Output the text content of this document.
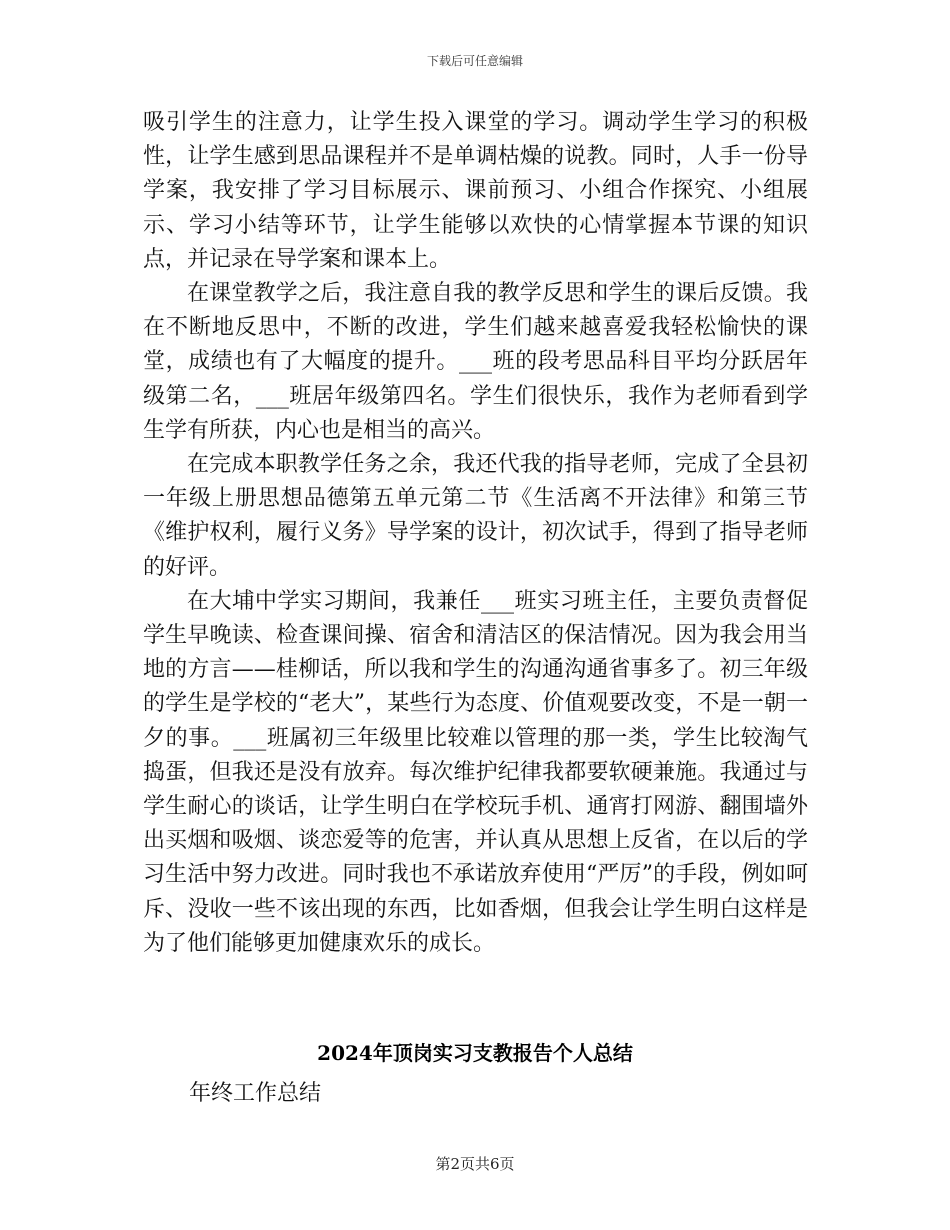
下载后可任意编辑

吸引学生的注意力，让学生投入课堂的学习。调动学生学习的积极性，让学生感到思品课程并不是单调枯燥的说教。同时，人手一份导学案，我安排了学习目标展示、课前预习、小组合作探究、小组展示、学习小结等环节，让学生能够以欢快的心情掌握本节课的知识点，并记录在导学案和课本上。

在课堂教学之后，我注意自我的教学反思和学生的课后反馈。我在不断地反思中，不断的改进，学生们越来越喜爱我轻松愉快的课堂，成绩也有了大幅度的提升。___班的段考思品科目平均分跃居年级第二名，___班居年级第四名。学生们很快乐，我作为老师看到学生学有所获，内心也是相当的高兴。

在完成本职教学任务之余，我还代我的指导老师，完成了全县初一年级上册思想品德第五单元第二节《生活离不开法律》和第三节《维护权利，履行义务》导学案的设计，初次试手，得到了指导老师的好评。

在大埔中学实习期间，我兼任___班实习班主任，主要负责督促学生早晚读、检查课间操、宿舍和清洁区的保洁情况。因为我会用当地的方言——桂柳话，所以我和学生的沟通沟通省事多了。初三年级的学生是学校的“老大”，某些行为态度、价值观要改变，不是一朝一夕的事。___班属初三年级里比较难以管理的那一类，学生比较淘气捣蛋，但我还是没有放弃。每次维护纪律我都要软硬兼施。我通过与学生耐心的谈话，让学生明白在学校玩手机、通宵打网游、翻围墙外出买烟和吸烟、谈恋爱等的危害，并认真从思想上反省，在以后的学习生活中努力改进。同时我也不承诺放弃使用“严厉”的手段，例如呵斥、没收一些不该出现的东西，比如香烟，但我会让学生明白这样是为了他们能够更加健康欢乐的成长。

2024年顶岗实习支教报告个人总结
年终工作总结
第2页共6页
